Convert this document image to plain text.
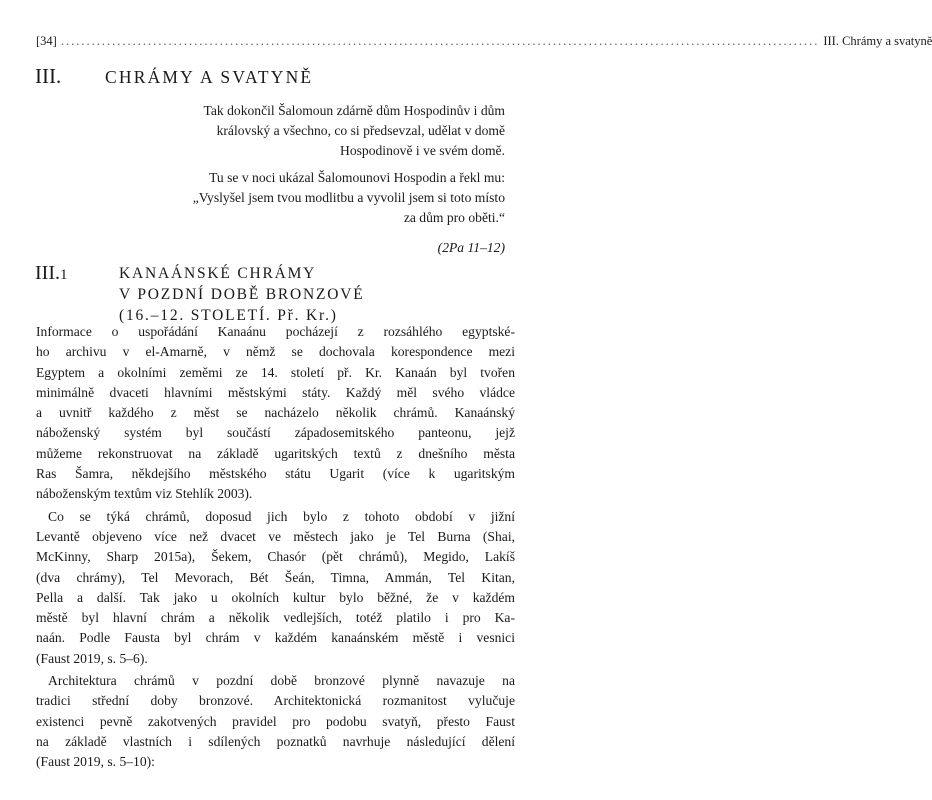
[34] .................................................................................................................................................... III. Chrámy a svatyně
III.	CHRÁMY A SVATYNĚ

Tak dokončil Šalomoun zdárně dům Hospodinův i dům
královský a všechno, co si předsevzal, udělat v domě
Hospodinově i ve svém domě.

Tu se v noci ukázal Šalomounovi Hospodin a řekl mu:
„Vyslyšel jsem tvou modlitbu a vyvolil jsem si toto místo
za dům pro oběti.“

(2Pa 11–12)

III.1	KANAÁNSKÉ CHRÁMY
V POZDNÍ DOBĚ BRONZOVÉ
(16.–12. STOLETÍ. Př. Kr.)

Informace o uspořádání Kanaánu pocházejí z rozsáhlého egyptské-
ho archivu v el-Amarně, v němž se dochovala korespondence mezi
Egyptem a okolními zeměmi ze 14. století př. Kr. Kanaán byl tvořen
minimálně dvaceti hlavními městskými státy. Každý měl svého vládce
a uvnitř každého z měst se nacházelo několik chrámů. Kanaánský
náboženský systém byl součástí západosemitského panteonu, jejž
můžeme rekonstruovat na základě ugaritských textů z dnešního města
Ras Šamra, někdejšího městského státu Ugarit (více k ugaritským
náboženským textům viz Stehlík 2003).

Co se týká chrámů, doposud jich bylo z tohoto období v jižní
Levantě objeveno více než dvacet ve městech jako je Tel Burna (Shai,
McKinny, Sharp 2015a), Šekem, Chasór (pět chrámů), Megido, Lakíš
(dva chrámy), Tel Mevorach, Bét Šeán, Timna, Ammán, Tel Kitan,
Pella a další. Tak jako u okolních kultur bylo běžné, že v každém
městě byl hlavní chrám a několik vedlejších, totéž platilo i pro Ka-
naán. Podle Fausta byl chrám v každém kanaánském městě i vesnici
(Faust 2019, s. 5–6).

Architektura chrámů v pozdní době bronzové plynně navazuje na
tradici střední doby bronzové. Architektonická rozmanitost vylučuje
existenci pevně zakotvených pravidel pro podobu svatyň, přesto Faust
na základě vlastních i sdílených poznatků navrhuje následující dělení
(Faust 2019, s. 5–10):
